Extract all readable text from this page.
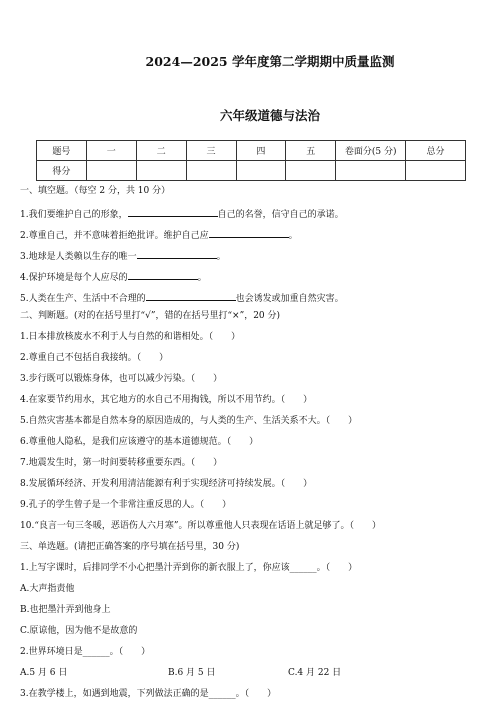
2024—2025 学年度第二学期期中质量监测
六年级道德与法治
题号	一	二	三	四	五	卷面分(5 分)	总分
得分							
一、填空题。（每空 2 分，共 10 分）
1.我们要维护自己的形象，	自己的名誉，信守自己的承诺。
2.尊重自己，并不意味着拒绝批评。维护自己应	。
3.地球是人类赖以生存的唯一	。
4.保护环境是每个人应尽的	。
5.人类在生产、生活中不合理的	也会诱发或加重自然灾害。
二、判断题。(对的在括号里打“√”，错的在括号里打“×”，20 分)
1.日本排放核废水不利于人与自然的和谐相处。（　　）
2.尊重自己不包括自我接纳。（　　）
3.步行既可以锻炼身体，也可以减少污染。（　　）
4.在家要节约用水，其它地方的水自己不用掏钱，所以不用节约。（　　）
5.自然灾害基本都是自然本身的原因造成的，与人类的生产、生活关系不大。（　　）
6.尊重他人隐私，是我们应该遵守的基本道德规范。（　　）
7.地震发生时，第一时间要转移重要东西。（　　）
8.发展循环经济、开发利用清洁能源有利于实现经济可持续发展。（　　）
9.孔子的学生曾子是一个非常注重反思的人。（　　）
10.“良言一句三冬暖，恶语伤人六月寒”。所以尊重他人只表现在话语上就足够了。（　　）
三、单选题。(请把正确答案的序号填在括号里，30 分)
1.上写字课时，后排同学不小心把墨汁弄到你的新衣服上了，你应该______。（　　）
A.大声指责他
B.也把墨汁弄到他身上
C.原谅他，因为他不是故意的
2.世界环境日是______。（　　）
A.5 月 6 日	B.6 月 5 日	C.4 月 22 日
3.在教学楼上，如遇到地震，下列做法正确的是______。（　　）
